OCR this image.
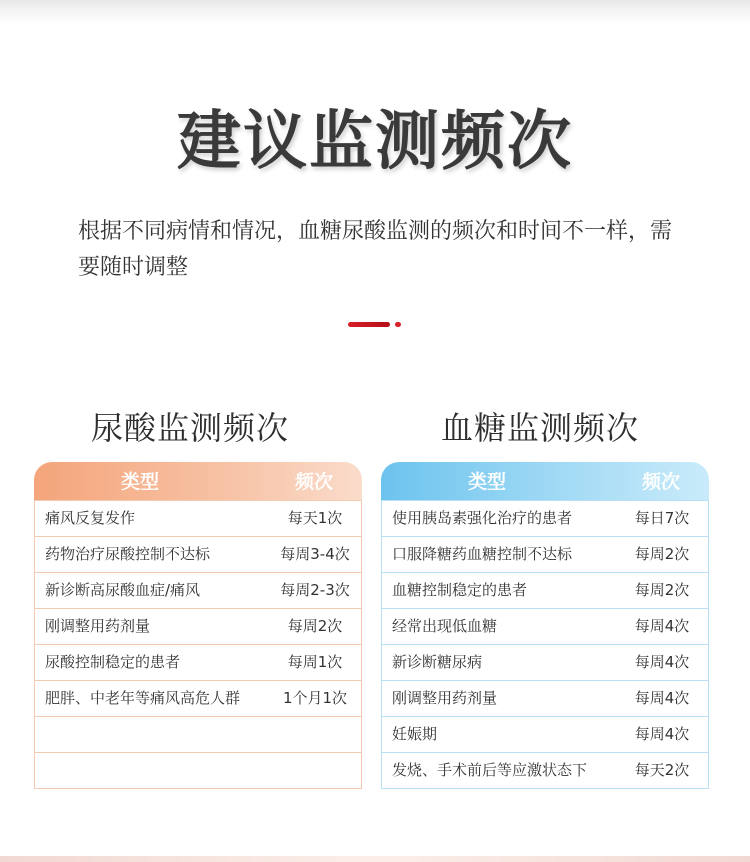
建议监测频次
根据不同病情和情况，血糖尿酸监测的频次和时间不一样，需要随时调整
尿酸监测频次	血糖监测频次
类型	频次
痛风反复发作	每天1次
药物治疗尿酸控制不达标	每周3-4次
新诊断高尿酸血症/痛风	每周2-3次
刚调整用药剂量	每周2次
尿酸控制稳定的患者	每周1次
肥胖、中老年等痛风高危人群	1个月1次
类型	频次
使用胰岛素强化治疗的患者	每日7次
口服降糖药血糖控制不达标	每周2次
血糖控制稳定的患者	每周2次
经常出现低血糖	每周4次
新诊断糖尿病	每周4次
刚调整用药剂量	每周4次
妊娠期	每周4次
发烧、手术前后等应激状态下	每天2次
